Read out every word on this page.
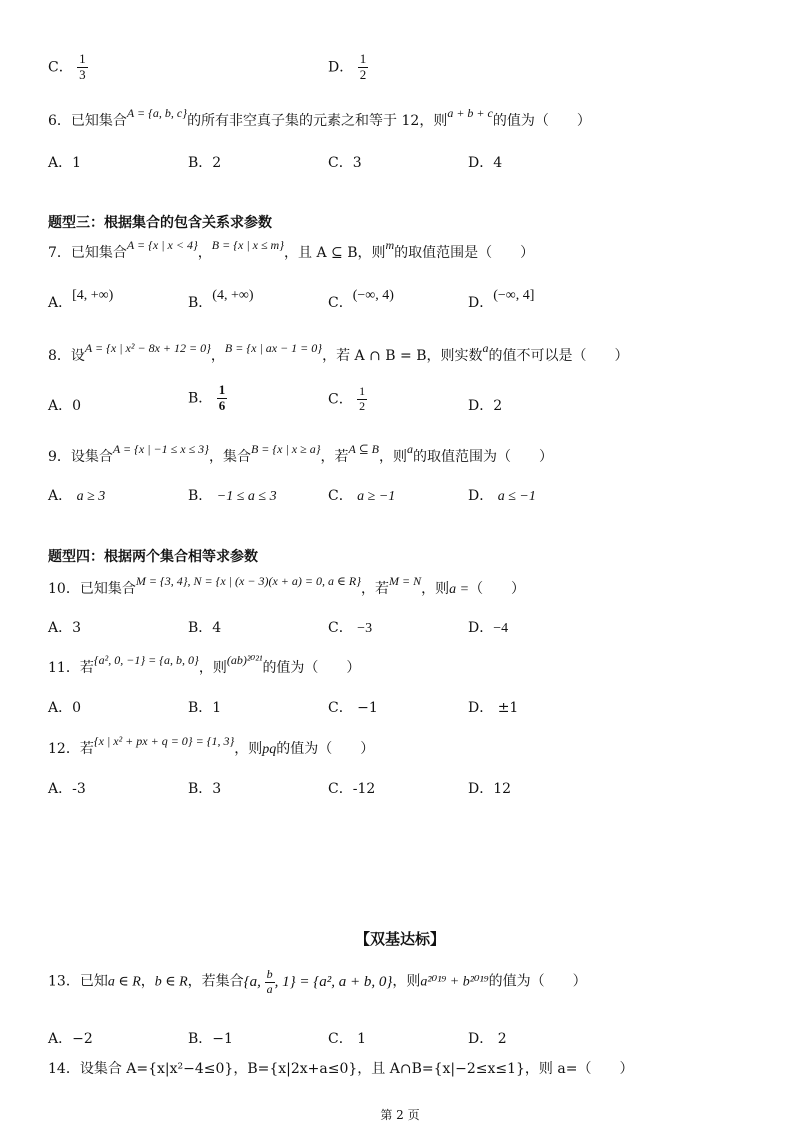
C． $\frac{1}{3}$	D． $\frac{1}{2}$
6．已知集合A = {a, b, c}的所有非空真子集的元素之和等于 12，则a + b + c的值为（　　）
A．1	B．2	C．3	D．4
题型三：根据集合的包含关系求参数
7．已知集合A = {x | x < 4}，B = {x | x ≤ m}，且 A ⊆ B，则m的取值范围是（　　）
A．[4, +∞)	B．(4, +∞)	C．(−∞, 4)	D．(−∞, 4]
8．设A = {x | x² − 8x + 12 = 0}，B = {x | ax − 1 = 0}，若 A ∩ B = B，则实数a的值不可以是（　　）
A．0	B． $\frac{1}{6}$	C． $\frac{1}{2}$	D．2
9．设集合A = {x | −1 ≤ x ≤ 3}，集合B = {x | x ≥ a}，若A ⊆ B，则a的取值范围为（　　）
A． a ≥ 3	B． −1 ≤ a ≤ 3	C． a ≥ −1	D． a ≤ −1
题型四：根据两个集合相等求参数
10．已知集合M = {3, 4}, N = {x | (x − 3)(x + a) = 0, a ∈ R}，若M = N，则a =（　　）
A．3	B．4	C． −3	D．−4
11．若{a², 0, −1} = {a, b, 0}，则(ab)²⁰²¹的值为（　　）
A．0	B．1	C． −1	D． ±1
12．若{x | x² + px + q = 0} = {1, 3}，则pq的值为（　　）
A．-3	B．3	C．-12	D．12
【双基达标】
13．已知a ∈ R，b ∈ R，若集合{a, $\frac{b}{a}$ , 1} = {a², a + b, 0}，则a²⁰¹⁹ + b²⁰¹⁹的值为（　　）
A．−2	B．−1	C． 1	D． 2
14．设集合 A={x|x²−4≤0}，B={x|2x+a≤0}，且 A∩B={x|−2≤x≤1}，则 a=（　　）
第 2 页
